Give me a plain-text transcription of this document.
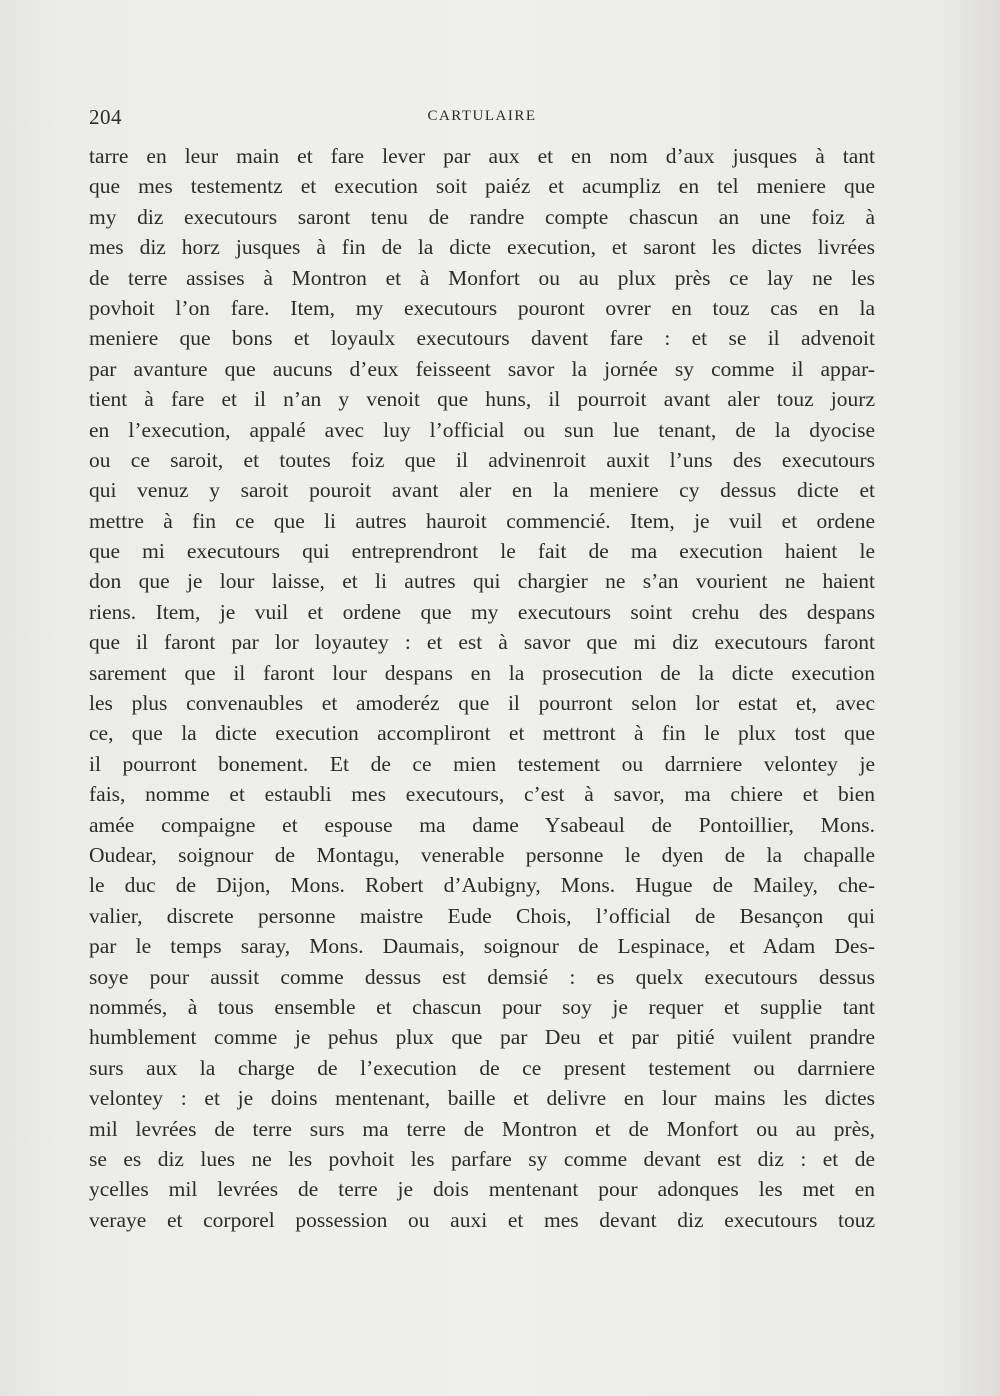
204	CARTULAIRE
tarre en leur main et fare lever par aux et en nom d’aux jusques à tant
que mes testementz et execution soit paiéz et acumpliz en tel meniere que
my diz executours saront tenu de randre compte chascun an une foiz à
mes diz horz jusques à fin de la dicte execution, et saront les dictes livrées
de terre assises à Montron et à Monfort ou au plux près ce lay ne les
povhoit l’on fare. Item, my executours pouront ovrer en touz cas en la
meniere que bons et loyaulx executours davent fare : et se il advenoit
par avanture que aucuns d’eux feisseent savor la jornée sy comme il appar-
tient à fare et il n’an y venoit que huns, il pourroit avant aler touz jourz
en l’execution, appalé avec luy l’official ou sun lue tenant, de la dyocise
ou ce saroit, et toutes foiz que il advinenroit auxit l’uns des executours
qui venuz y saroit pouroit avant aler en la meniere cy dessus dicte et
mettre à fin ce que li autres hauroit commencié. Item, je vuil et ordene
que mi executours qui entreprendront le fait de ma execution haient le
don que je lour laisse, et li autres qui chargier ne s’an vourient ne haient
riens. Item, je vuil et ordene que my executours soint crehu des despans
que il faront par lor loyautey : et est à savor que mi diz executours faront
sarement que il faront lour despans en la prosecution de la dicte execution
les plus convenaubles et amoderéz que il pourront selon lor estat et, avec
ce, que la dicte execution accompliront et mettront à fin le plux tost que
il pourront bonement. Et de ce mien testement ou darrniere velontey je
fais, nomme et estaubli mes executours, c’est à savor, ma chiere et bien
amée compaigne et espouse ma dame Ysabeaul de Pontoillier, Mons.
Oudear, soignour de Montagu, venerable personne le dyen de la chapalle
le duc de Dijon, Mons. Robert d’Aubigny, Mons. Hugue de Mailey, che-
valier, discrete personne maistre Eude Chois, l’official de Besançon qui
par le temps saray, Mons. Daumais, soignour de Lespinace, et Adam Des-
soye pour aussit comme dessus est demsié : es quelx executours dessus
nommés, à tous ensemble et chascun pour soy je requer et supplie tant
humblement comme je pehus plux que par Deu et par pitié vuilent prandre
surs aux la charge de l’execution de ce present testement ou darrniere
velontey : et je doins mentenant, baille et delivre en lour mains les dictes
mil levrées de terre surs ma terre de Montron et de Monfort ou au près,
se es diz lues ne les povhoit les parfare sy comme devant est diz : et de
ycelles mil levrées de terre je dois mentenant pour adonques les met en
veraye et corporel possession ou auxi et mes devant diz executours touz
